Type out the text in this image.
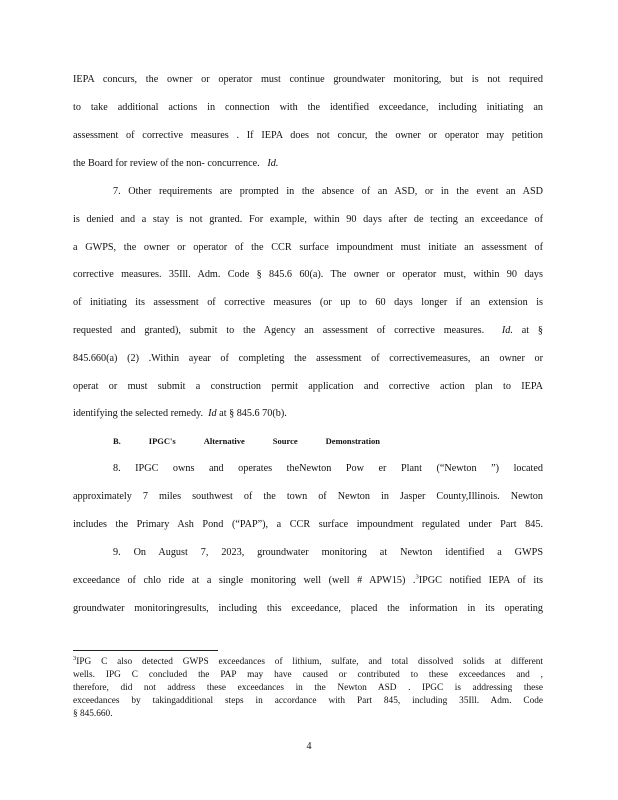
IEPA concurs, the owner or operator must continue groundwater monitoring, but is not required
to take additional actions in connection with the identified exceedance, including initiating an
assessment of corrective measures . If IEPA does not concur, the owner or operator may petition
the Board for review of the non- concurrence. Id.
7. Other requirements are prompted in the absence of an ASD, or in the event an ASD
is denied and a stay is not granted. For example, within 90 days after de tecting an exceedance of
a GWPS, the owner or operator of the CCR surface impoundment must initiate an assessment of
corrective measures. 35Ill. Adm. Code § 845.6 60(a). The owner or operator must, within 90 days
of initiating its assessment of corrective measures (or up to 60 days longer if an extension is
requested and granted), submit to the Agency an assessment of corrective measures. Id. at §
845.660(a) (2) .Within ayear of completing the assessment of correctivemeasures, an owner or
operat or must submit a construction permit application and corrective action plan to IEPA
identifying the selected remedy. Id at § 845.6 70(b).
B.	IPGC's	Alternative	Source	Demonstration
8. IPGC owns and operates theNewton Pow er Plant (“Newton ”) located
approximately 7 miles southwest of the town of Newton in Jasper County,Illinois. Newton
includes the Primary Ash Pond (“PAP”), a CCR surface impoundment regulated under Part 845.
9. On August 7, 2023, groundwater monitoring at Newton identified a GWPS
exceedance of chlo ride at a single monitoring well (well # APW15) .$^3$IPGC notified IEPA of its
groundwater monitoringresults, including this exceedance, placed the information in its operating
$^3$IPG C also detected GWPS exceedances of lithium, sulfate, and total dissolved solids at different
wells. IPG C concluded the PAP may have caused or contributed to these exceedances and ,
therefore, did not address these exceedances in the Newton ASD . IPGC is addressing these
exceedances by takingadditional steps in accordance with Part 845, including 35Ill. Adm. Code
§ 845.660.
4
